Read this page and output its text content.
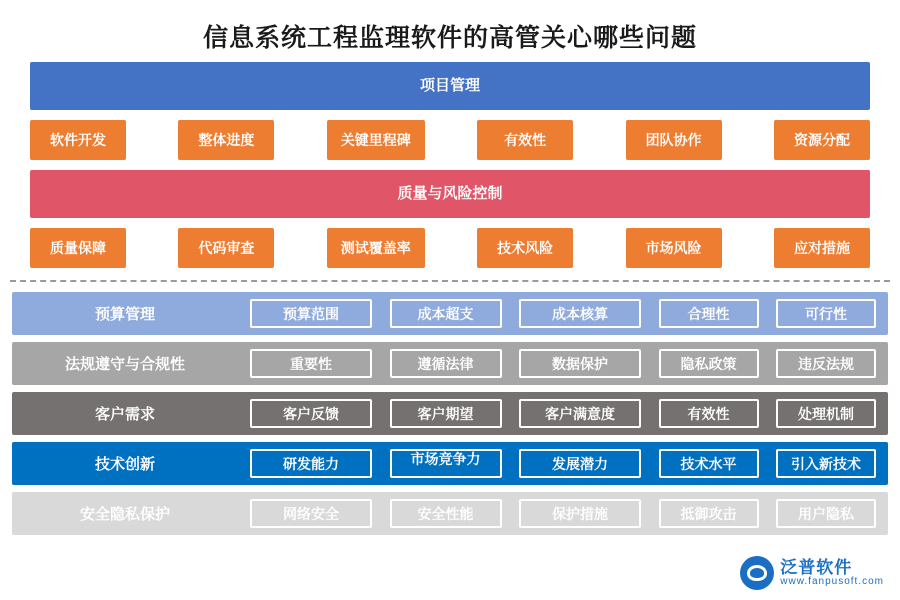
信息系统工程监理软件的高管关心哪些问题
项目管理
软件开发	整体进度	关键里程碑	有效性	团队协作	资源分配
质量与风险控制
质量保障	代码审查	测试覆盖率	技术风险	市场风险	应对措施
预算管理	预算范围	成本超支	成本核算	合理性	可行性
法规遵守与合规性	重要性	遵循法律	数据保护	隐私政策	违反法规
客户需求	客户反馈	客户期望	客户满意度	有效性	处理机制
技术创新	研发能力	市场竞争力	发展潜力	技术水平	引入新技术
安全隐私保护	网络安全	安全性能	保护措施	抵御攻击	用户隐私
泛普软件
www.fanpusoft.com
